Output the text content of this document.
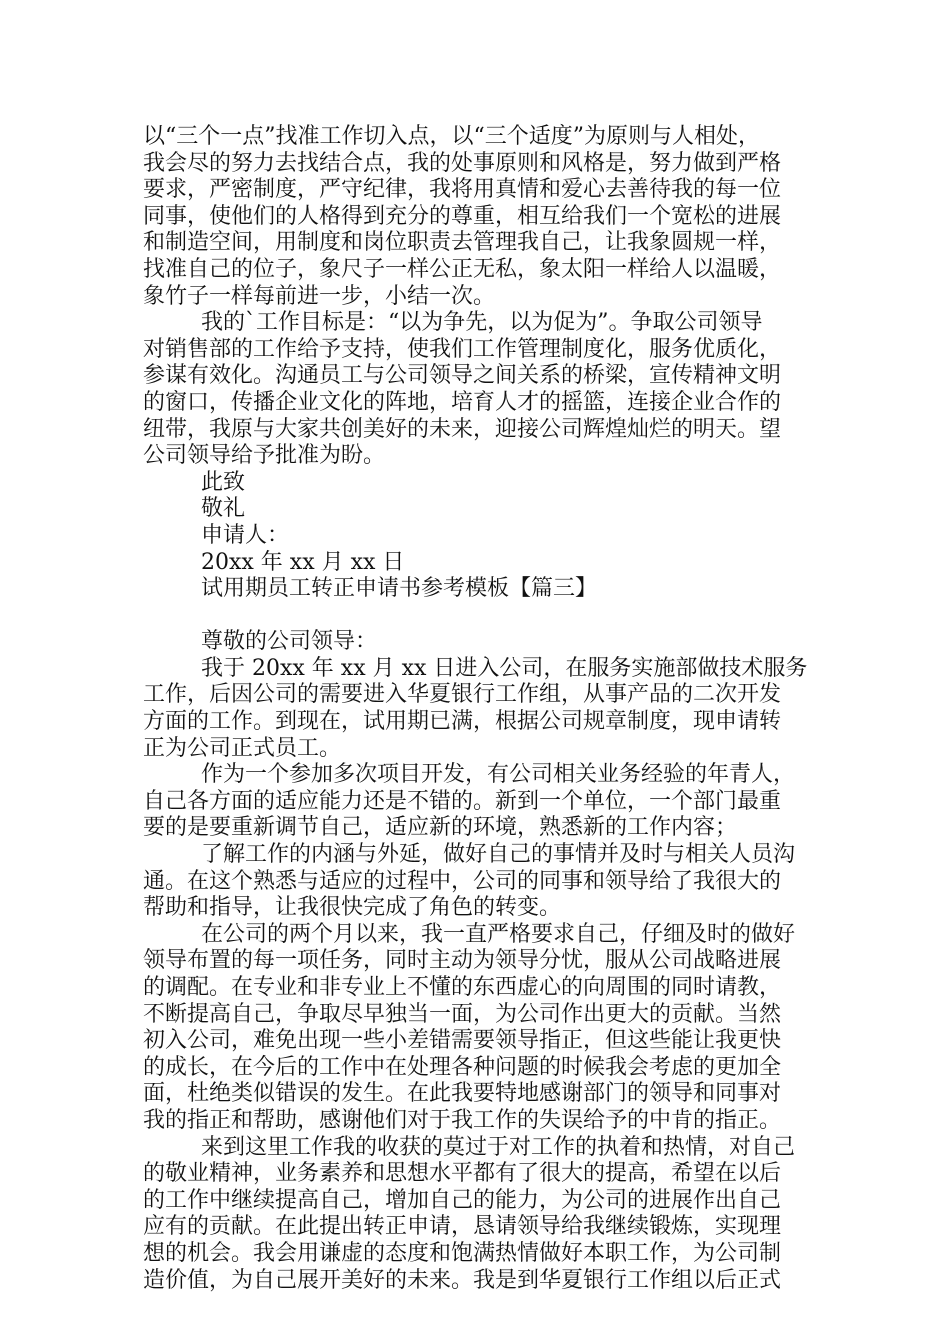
以“三个一点”找准工作切入点，以“三个适度”为原则与人相处，
我会尽的努力去找结合点，我的处事原则和风格是，努力做到严格
要求，严密制度，严守纪律，我将用真情和爱心去善待我的每一位
同事，使他们的人格得到充分的尊重，相互给我们一个宽松的进展
和制造空间，用制度和岗位职责去管理我自己，让我象圆规一样，
找准自己的位子，象尺子一样公正无私，象太阳一样给人以温暖，
象竹子一样每前进一步，小结一次。
我的`工作目标是：“以为争先，以为促为”。争取公司领导
对销售部的工作给予支持，使我们工作管理制度化，服务优质化，
参谋有效化。沟通员工与公司领导之间关系的桥梁，宣传精神文明
的窗口，传播企业文化的阵地，培育人才的摇篮，连接企业合作的
纽带，我原与大家共创美好的未来，迎接公司辉煌灿烂的明天。望
公司领导给予批准为盼。
此致
敬礼
申请人：
20xx 年 xx 月 xx 日
试用期员工转正申请书参考模板【篇三】
尊敬的公司领导：
我于 20xx 年 xx 月 xx 日进入公司，在服务实施部做技术服务
工作，后因公司的需要进入华夏银行工作组，从事产品的二次开发
方面的工作。到现在，试用期已满，根据公司规章制度，现申请转
正为公司正式员工。
作为一个参加多次项目开发，有公司相关业务经验的年青人，
自己各方面的适应能力还是不错的。新到一个单位，一个部门最重
要的是要重新调节自己，适应新的环境，熟悉新的工作内容；
了解工作的内涵与外延，做好自己的事情并及时与相关人员沟
通。在这个熟悉与适应的过程中，公司的同事和领导给了我很大的
帮助和指导，让我很快完成了角色的转变。
在公司的两个月以来，我一直严格要求自己，仔细及时的做好
领导布置的每一项任务，同时主动为领导分忧，服从公司战略进展
的调配。在专业和非专业上不懂的东西虚心的向周围的同时请教，
不断提高自己，争取尽早独当一面，为公司作出更大的贡献。当然
初入公司，难免出现一些小差错需要领导指正，但这些能让我更快
的成长，在今后的工作中在处理各种问题的时候我会考虑的更加全
面，杜绝类似错误的发生。在此我要特地感谢部门的领导和同事对
我的指正和帮助，感谢他们对于我工作的失误给予的中肯的指正。
来到这里工作我的收获的莫过于对工作的执着和热情，对自己
的敬业精神，业务素养和思想水平都有了很大的提高，希望在以后
的工作中继续提高自己，增加自己的能力，为公司的进展作出自己
应有的贡献。在此提出转正申请，恳请领导给我继续锻炼，实现理
想的机会。我会用谦虚的态度和饱满热情做好本职工作，为公司制
造价值，为自己展开美好的未来。我是到华夏银行工作组以后正式
